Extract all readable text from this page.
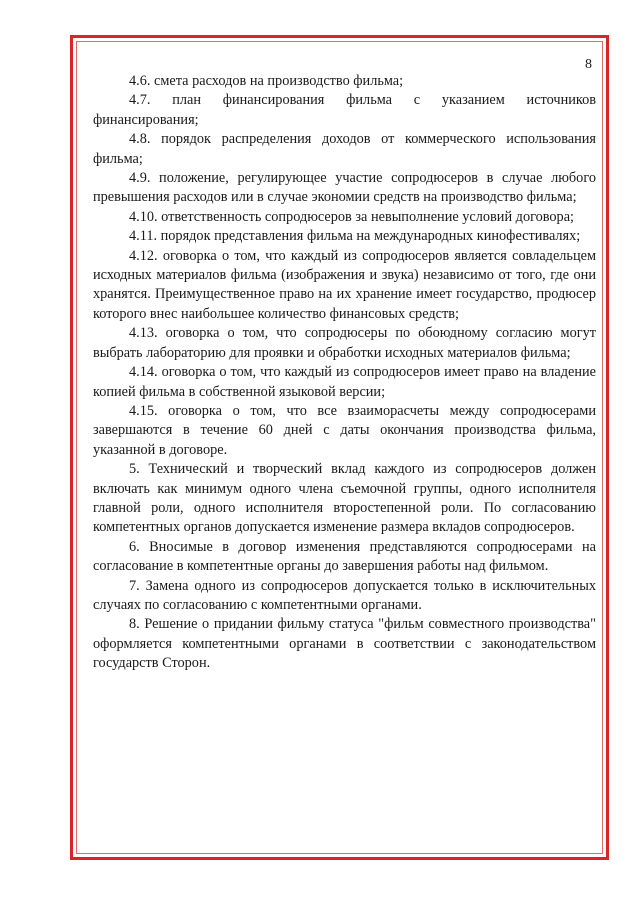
8

4.6. смета расходов на производство фильма;

4.7. план финансирования фильма с указанием источников финансирования;

4.8. порядок распределения доходов от коммерческого использования фильма;

4.9. положение, регулирующее участие сопродюсеров в случае любого превышения расходов или в случае экономии средств на производство фильма;

4.10. ответственность сопродюсеров за невыполнение условий договора;

4.11. порядок представления фильма на международных кинофестивалях;

4.12. оговорка о том, что каждый из сопродюсеров является совладельцем исходных материалов фильма (изображения и звука) независимо от того, где они хранятся. Преимущественное право на их хранение имеет государство, продюсер которого внес наибольшее количество финансовых средств;

4.13. оговорка о том, что сопродюсеры по обоюдному согласию могут выбрать лабораторию для проявки и обработки исходных материалов фильма;

4.14. оговорка о том, что каждый из сопродюсеров имеет право на владение копией фильма в собственной языковой версии;

4.15. оговорка о том, что все взаиморасчеты между сопродюсерами завершаются в течение 60 дней с даты окончания производства фильма, указанной в договоре.

5. Технический и творческий вклад каждого из сопродюсеров должен включать как минимум одного члена съемочной группы, одного исполнителя главной роли, одного исполнителя второстепенной роли. По согласованию компетентных органов допускается изменение размера вкладов сопродюсеров.

6. Вносимые в договор изменения представляются сопродюсерами на согласование в компетентные органы до завершения работы над фильмом.

7. Замена одного из сопродюсеров допускается только в исключительных случаях по согласованию с компетентными органами.

8. Решение о придании фильму статуса "фильм совместного производства" оформляется компетентными органами в соответствии с законодательством государств Сторон.
